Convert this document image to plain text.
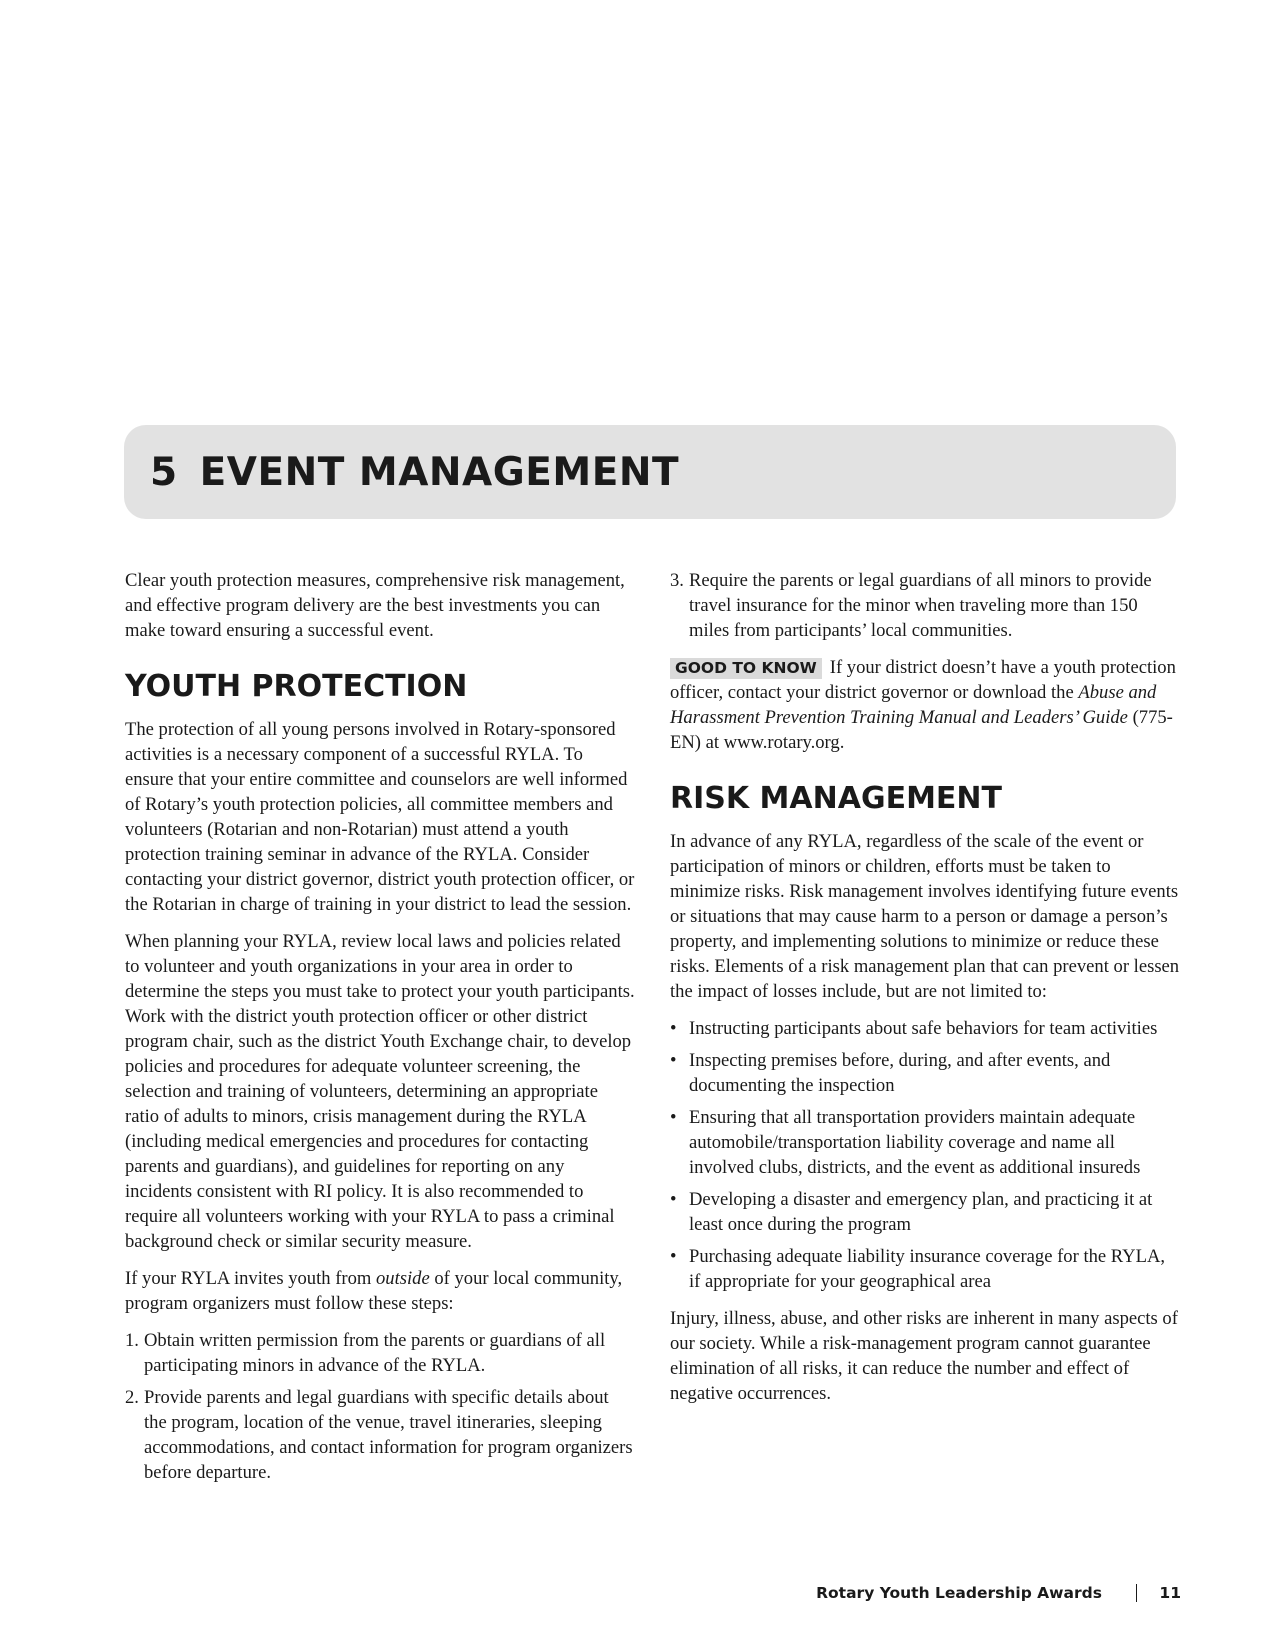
5 EVENT MANAGEMENT

Clear youth protection measures, comprehensive risk management, and effective program delivery are the best investments you can make toward ensuring a successful event.

YOUTH PROTECTION

The protection of all young persons involved in Rotary-sponsored activities is a necessary component of a successful RYLA. To ensure that your entire committee and counselors are well informed of Rotary’s youth protection policies, all committee members and volunteers (Rotarian and non-Rotarian) must attend a youth protection training seminar in advance of the RYLA. Consider contacting your district governor, district youth protection officer, or the Rotarian in charge of training in your district to lead the session.

When planning your RYLA, review local laws and policies related to volunteer and youth organizations in your area in order to determine the steps you must take to protect your youth participants. Work with the district youth protection officer or other district program chair, such as the district Youth Exchange chair, to develop policies and procedures for adequate volunteer screening, the selection and training of volunteers, determining an appropriate ratio of adults to minors, crisis management during the RYLA (including medical emergencies and procedures for contacting parents and guardians), and guidelines for reporting on any incidents consistent with RI policy. It is also recommended to require all volunteers working with your RYLA to pass a criminal background check or similar security measure.

If your RYLA invites youth from outside of your local community, program organizers must follow these steps:

1. Obtain written permission from the parents or guardians of all participating minors in advance of the RYLA.
2. Provide parents and legal guardians with specific details about the program, location of the venue, travel itineraries, sleeping accommodations, and contact information for program organizers before departure.
3. Require the parents or legal guardians of all minors to provide travel insurance for the minor when traveling more than 150 miles from participants’ local communities.

GOOD TO KNOW If your district doesn’t have a youth protection officer, contact your district governor or download the Abuse and Harassment Prevention Training Manual and Leaders’ Guide (775-EN) at www.rotary.org.

RISK MANAGEMENT

In advance of any RYLA, regardless of the scale of the event or participation of minors or children, efforts must be taken to minimize risks. Risk management involves identifying future events or situations that may cause harm to a person or damage a person’s property, and implementing solutions to minimize or reduce these risks. Elements of a risk management plan that can prevent or lessen the impact of losses include, but are not limited to:

• Instructing participants about safe behaviors for team activities
• Inspecting premises before, during, and after events, and documenting the inspection
• Ensuring that all transportation providers maintain adequate automobile/transportation liability coverage and name all involved clubs, districts, and the event as additional insureds
• Developing a disaster and emergency plan, and practicing it at least once during the program
• Purchasing adequate liability insurance coverage for the RYLA, if appropriate for your geographical area

Injury, illness, abuse, and other risks are inherent in many aspects of our society. While a risk-management program cannot guarantee elimination of all risks, it can reduce the number and effect of negative occurrences.

Rotary Youth Leadership Awards	11
